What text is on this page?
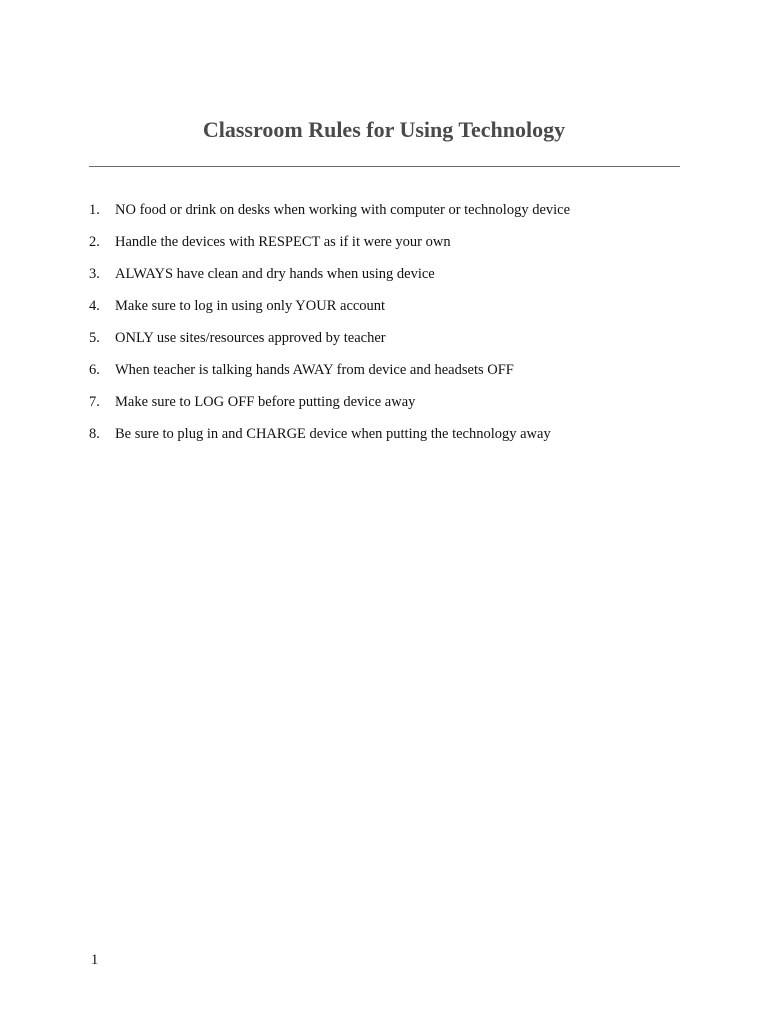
Classroom Rules for Using Technology
1.	NO food or drink on desks when working with computer or technology device
2.	Handle the devices with RESPECT as if it were your own
3.	ALWAYS have clean and dry hands when using device
4.	Make sure to log in using only YOUR account
5.	ONLY use sites/resources approved by teacher
6.	When teacher is talking hands AWAY from device and headsets OFF
7.	Make sure to LOG OFF before putting device away
8.	Be sure to plug in and CHARGE device when putting the technology away
1
